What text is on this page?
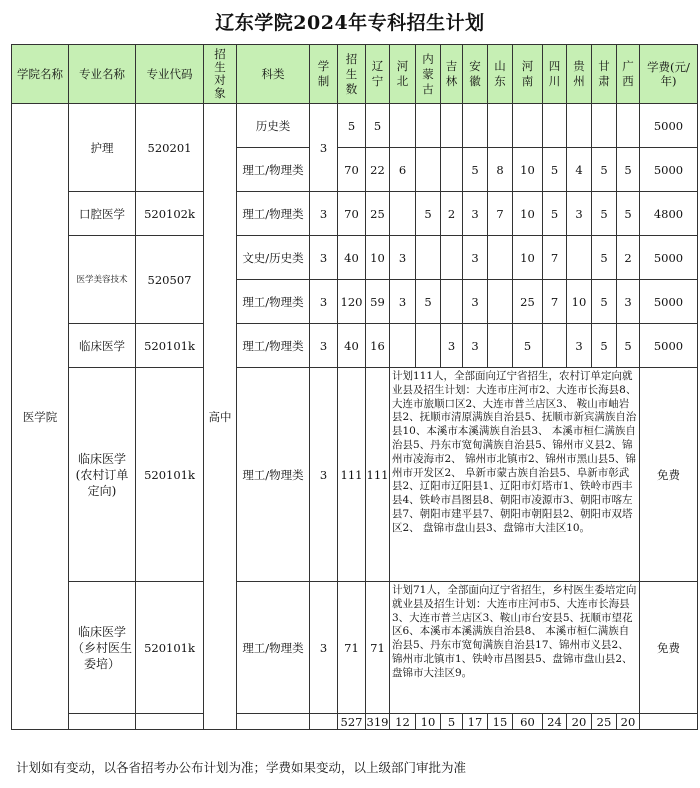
辽东学院2024年专科招生计划
学院名称	专业名称	专业代码	招生对象	科类	学制	招生数	辽宁	河北	内蒙古	吉林	安徽	山东	河南	四川	贵州	甘肃	广西	学费(元/年)
医学院	护理	520201	高中	历史类	3	5	5											5000
				理工/物理类		70	22	6			5	8	10	5	4	5	5	5000
	口腔医学	520102k		理工/物理类	3	70	25		5	2	3	7	10	5	3	5	5	4800
	医学美容技术	520507		文史/历史类	3	40	10	3			3		10	7		5	2	5000
				理工/物理类	3	120	59	3	5		3		25	7	10	5	3	5000
	临床医学	520101k		理工/物理类	3	40	16			3	3		5		3	5	5	5000
	临床医学(农村订单定向)	520101k		理工/物理类	3	111	111	计划111人，全部面向辽宁省招生，农村订单定向就业县及招生计划：大连市庄河市2、大连市长海县8、大连市旅顺口区2、大连市普兰店区3、 鞍山市岫岩县2、抚顺市清原满族自治县5、抚顺市新宾满族自治县10、本溪市本溪满族自治县3、 本溪市桓仁满族自治县5、丹东市宽甸满族自治县5、锦州市义县2、锦州市凌海市2、 锦州市北镇市2、锦州市黑山县5、锦州市开发区2、 阜新市蒙古族自治县5、阜新市彰武县2、辽阳市辽阳县1、辽阳市灯塔市1、铁岭市西丰县4、铁岭市昌图县8、朝阳市凌源市3、朝阳市喀左县7、朝阳市建平县7、朝阳市朝阳县2、朝阳市双塔区2、 盘锦市盘山县3、盘锦市大洼区10。										免费
	临床医学（乡村医生委培）	520101k		理工/物理类	3	71	71	计划71人，全部面向辽宁省招生，乡村医生委培定向就业县及招生计划：大连市庄河市5、大连市长海县3、大连市普兰店区3、鞍山市台安县5、抚顺市望花区6、本溪市本溪满族自治县8、 本溪市桓仁满族自治县5、丹东市宽甸满族自治县17、锦州市义县2、锦州市北镇市1、铁岭市昌图县5、盘锦市盘山县2、盘锦市大洼区9。										免费
						527	319	12	10	5	17	15	60	24	20	25	20	
计划如有变动，以各省招考办公布计划为准；学费如果变动，以上级部门审批为准
